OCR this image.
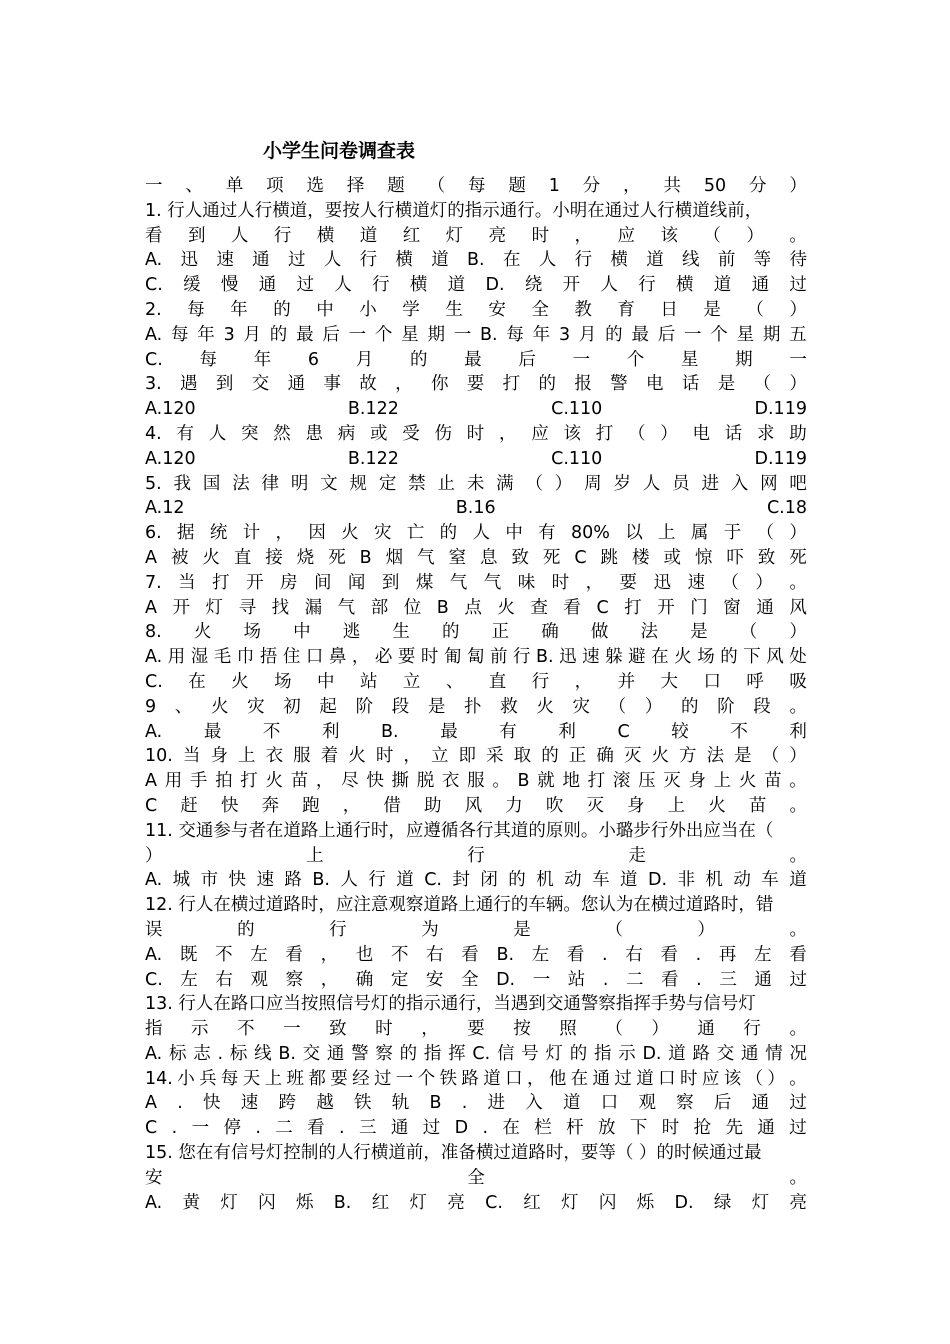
小学生问卷调查表
一 、 单 项 选 择 题 （ 每 题 1 分 ， 共 50 分 ）
1. 行人通过人行横道，要按人行横道灯的指示通行。小明在通过人行横道线前，
看 到 人 行 横 道 红 灯 亮 时 ， 应 该 （ ） 。
A. 迅 速 通 过 人 行 横 道 B. 在 人 行 横 道 线 前 等 待
C. 缓 慢 通 过 人 行 横 道 D. 绕 开 人 行 横 道 通 过
2. 每 年 的 中 小 学 生 安 全 教 育 日 是 （ ）
A. 每 年 3 月 的 最 后 一 个 星 期 一 B. 每 年 3 月 的 最 后 一 个 星 期 五
C. 每 年 6 月 的 最 后 一 个 星 期 一
3. 遇 到 交 通 事 故 ， 你 要 打 的 报 警 电 话 是 （ ）
A.120	B.122	C.110	D.119
4. 有 人 突 然 患 病 或 受 伤 时 ， 应 该 打 （ ） 电 话 求 助
A.120	B.122	C.110	D.119
5. 我 国 法 律 明 文 规 定 禁 止 未 满 （ ） 周 岁 人 员 进 入 网 吧
A.12	B.16	C.18
6. 据 统 计 ， 因 火 灾 亡 的 人 中 有 80% 以 上 属 于 （ ）
A 被 火 直 接 烧 死 B 烟 气 窒 息 致 死 C 跳 楼 或 惊 吓 致 死
7. 当 打 开 房 间 闻 到 煤 气 气 味 时 ， 要 迅 速 （ ） 。
A 开 灯 寻 找 漏 气 部 位 B 点 火 查 看 C 打 开 门 窗 通 风
8. 火 场 中 逃 生 的 正 确 做 法 是 （ ）
A. 用 湿 毛 巾 捂 住 口 鼻 ， 必 要 时 匍 匐 前 行 B. 迅 速 躲 避 在 火 场 的 下 风 处
C. 在 火 场 中 站 立 、 直 行 ， 并 大 口 呼 吸
9 、 火 灾 初 起 阶 段 是 扑 救 火 灾 （ ） 的 阶 段 。
A. 最 不 利 B. 最 有 利 C 较 不 利
10. 当 身 上 衣 服 着 火 时 ， 立 即 采 取 的 正 确 灭 火 方 法 是 （ ）
A 用 手 拍 打 火 苗 ， 尽 快 撕 脱 衣 服 。 B 就 地 打 滚 压 灭 身 上 火 苗 。
C 赶 快 奔 跑 ， 借 助 风 力 吹 灭 身 上 火 苗 。
11. 交通参与者在道路上通行时，应遵循各行其道的原则。小璐步行外出应当在（
）	上	行	走	。
A. 城 市 快 速 路 B. 人 行 道 C. 封 闭 的 机 动 车 道 D. 非 机 动 车 道
12. 行人在横过道路时，应注意观察道路上通行的车辆。您认为在横过道路时，错
误	的	行	为	是	（	）	。
A. 既 不 左 看 ， 也 不 右 看 B. 左 看 . 右 看 . 再 左 看
C. 左 右 观 察 ， 确 定 安 全 D. 一 站 . 二 看 . 三 通 过
13. 行人在路口应当按照信号灯的指示通行，当遇到交通警察指挥手势与信号灯
指 示 不 一 致 时 ， 要 按 照 （ ） 通 行 。
A. 标 志 . 标 线 B. 交 通 警 察 的 指 挥 C. 信 号 灯 的 指 示 D. 道 路 交 通 情 况
14. 小 兵 每 天 上 班 都 要 经 过 一 个 铁 路 道 口 ， 他 在 通 过 道 口 时 应 该 （ ） 。
A . 快 速 跨 越 铁 轨 B . 进 入 道 口 观 察 后 通 过
C . 一 停 . 二 看 . 三 通 过 D . 在 栏 杆 放 下 时 抢 先 通 过
15. 您在有信号灯控制的人行横道前，准备横过道路时，要等（ ）的时候通过最
安	全	。
A. 黄 灯 闪 烁 B. 红 灯 亮 C. 红 灯 闪 烁 D. 绿 灯 亮
